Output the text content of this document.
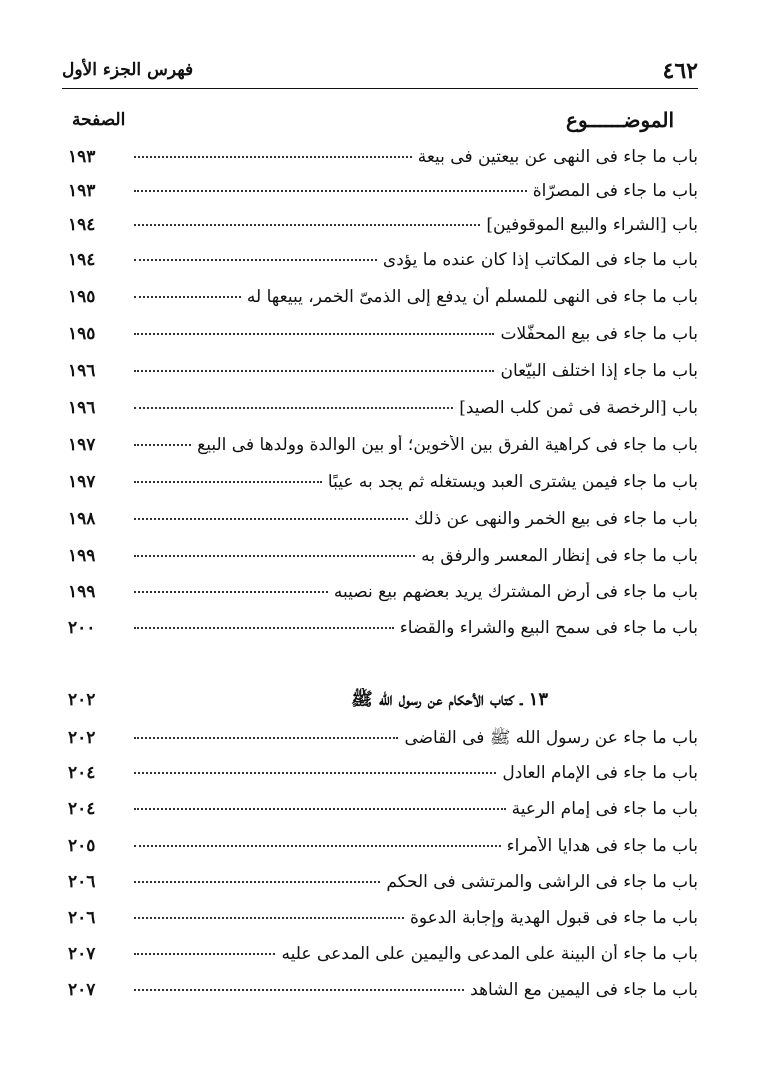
٤٦٢
فهرس الجزء الأول
الموضــــــوع
الصفحة
باب ما جاء فى النهى عن بيعتين فى بيعة
١٩٣
باب ما جاء فى المصرّاة
١٩٣
باب [الشراء والبيع الموقوفين]
١٩٤
باب ما جاء فى المكاتب إذا كان عنده ما يؤدى
١٩٤
باب ما جاء فى النهى للمسلم أن يدفع إلى الذمىّ الخمر، يبيعها له
١٩٥
باب ما جاء فى بيع المحفَّلات
١٩٥
باب ما جاء إذا اختلف البيّعان
١٩٦
باب [الرخصة فى ثمن كلب الصيد]
١٩٦
باب ما جاء فى كراهية الفرق بين الأخوين؛ أو بين الوالدة وولدها فى البيع
١٩٧
باب ما جاء فيمن يشترى العبد ويستغله ثم يجد به عيبًا
١٩٧
باب ما جاء فى بيع الخمر والنهى عن ذلك
١٩٨
باب ما جاء فى إنظار المعسر والرفق به
١٩٩
باب ما جاء فى أرض المشترك يريد بعضهم بيع نصيبه
١٩٩
باب ما جاء فى سمح البيع والشراء والقضاء
٢٠٠
١٣ ـ كتاب الأحكام عن رسول الله ﷺ
٢٠٢
باب ما جاء عن رسول الله ﷺ فى القاضى
٢٠٢
باب ما جاء فى الإمام العادل
٢٠٤
باب ما جاء فى إمام الرعية
٢٠٤
باب ما جاء فى هدايا الأمراء
٢٠٥
باب ما جاء فى الراشى والمرتشى فى الحكم
٢٠٦
باب ما جاء فى قبول الهدية وإجابة الدعوة
٢٠٦
باب ما جاء أن البينة على المدعى واليمين على المدعى عليه
٢٠٧
باب ما جاء فى اليمين مع الشاهد
٢٠٧
